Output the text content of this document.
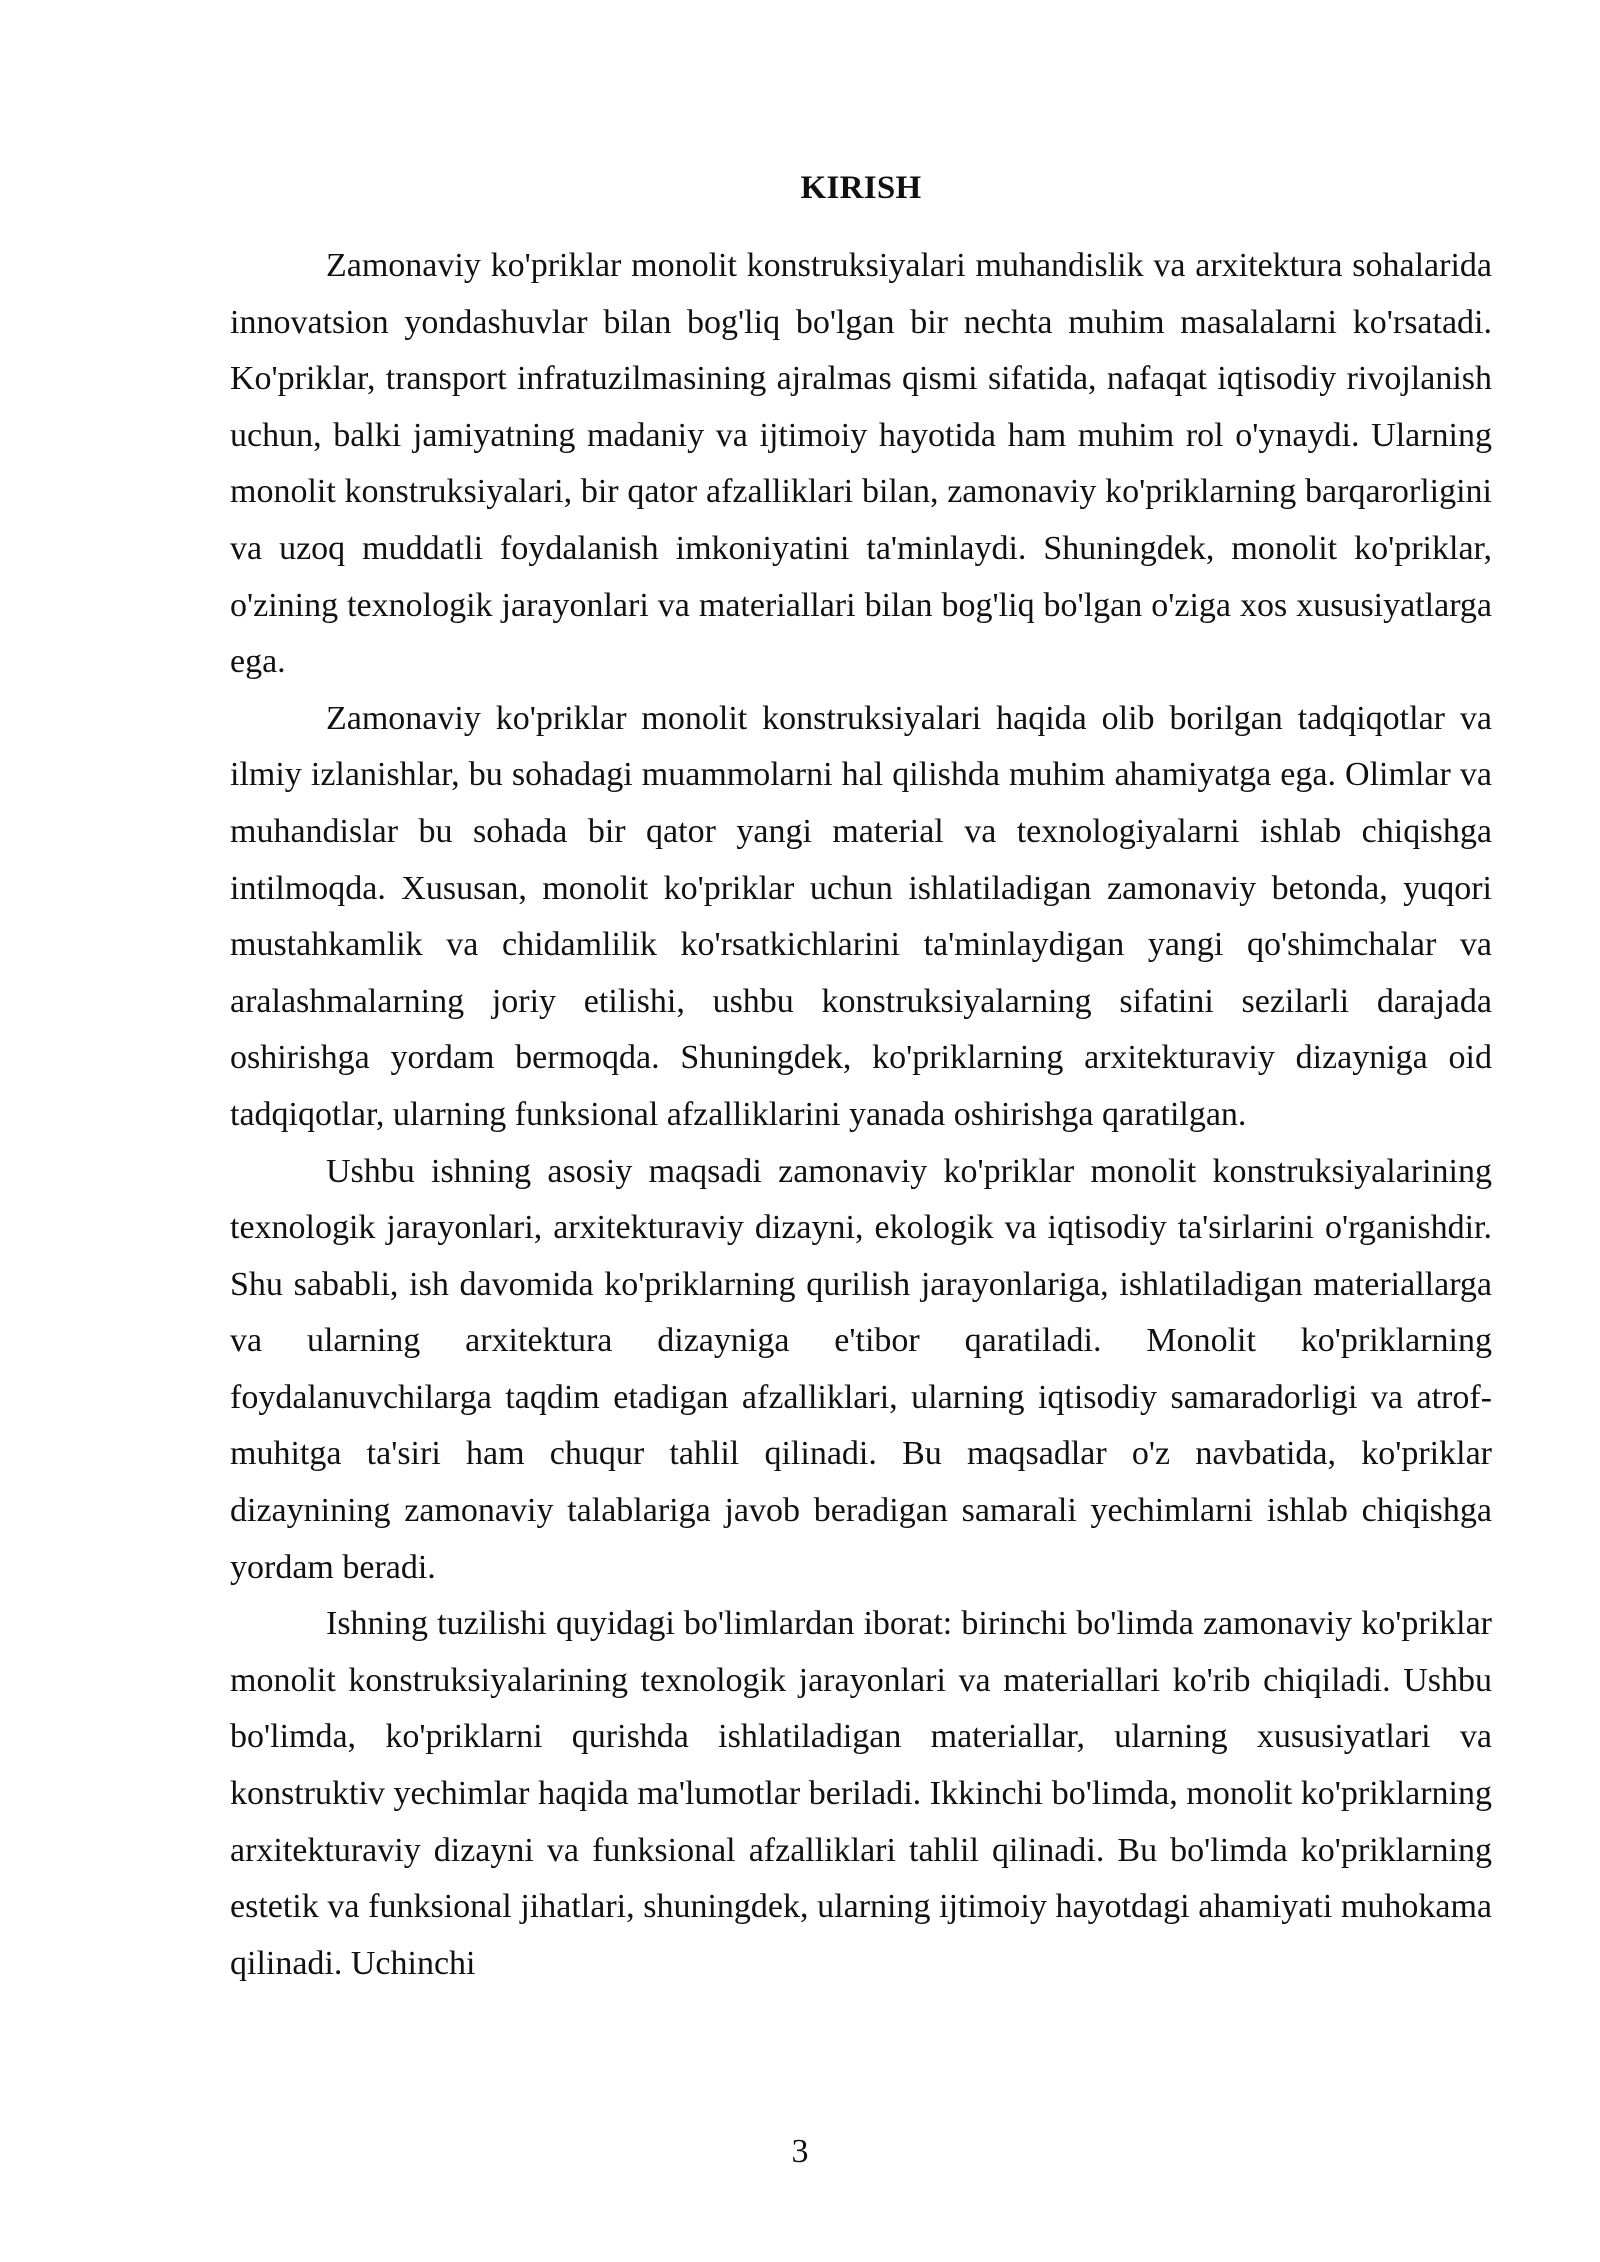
KIRISH

Zamonaviy ko'priklar monolit konstruksiyalari muhandislik va arxitektura sohalarida innovatsion yondashuvlar bilan bog'liq bo'lgan bir nechta muhim masalalarni ko'rsatadi. Ko'priklar, transport infratuzilmasining ajralmas qismi sifatida, nafaqat iqtisodiy rivojlanish uchun, balki jamiyatning madaniy va ijtimoiy hayotida ham muhim rol o'ynaydi. Ularning monolit konstruksiyalari, bir qator afzalliklari bilan, zamonaviy ko'priklarning barqarorligini va uzoq muddatli foydalanish imkoniyatini ta'minlaydi. Shuningdek, monolit ko'priklar, o'zining texnologik jarayonlari va materiallari bilan bog'liq bo'lgan o'ziga xos xususiyatlarga ega.

Zamonaviy ko'priklar monolit konstruksiyalari haqida olib borilgan tadqiqotlar va ilmiy izlanishlar, bu sohadagi muammolarni hal qilishda muhim ahamiyatga ega. Olimlar va muhandislar bu sohada bir qator yangi material va texnologiyalarni ishlab chiqishga intilmoqda. Xususan, monolit ko'priklar uchun ishlatiladigan zamonaviy betonda, yuqori mustahkamlik va chidamlilik ko'rsatkichlarini ta'minlaydigan yangi qo'shimchalar va aralashmalarning joriy etilishi, ushbu konstruksiyalarning sifatini sezilarli darajada oshirishga yordam bermoqda. Shuningdek, ko'priklarning arxitekturaviy dizayniga oid tadqiqotlar, ularning funksional afzalliklarini yanada oshirishga qaratilgan.

Ushbu ishning asosiy maqsadi zamonaviy ko'priklar monolit konstruksiyalarining texnologik jarayonlari, arxitekturaviy dizayni, ekologik va iqtisodiy ta'sirlarini o'rganishdir. Shu sababli, ish davomida ko'priklarning qurilish jarayonlariga, ishlatiladigan materiallarga va ularning arxitektura dizayniga e'tibor qaratiladi. Monolit ko'priklarning foydalanuvchilarga taqdim etadigan afzalliklari, ularning iqtisodiy samaradorligi va atrof-muhitga ta'siri ham chuqur tahlil qilinadi. Bu maqsadlar o'z navbatida, ko'priklar dizaynining zamonaviy talablariga javob beradigan samarali yechimlarni ishlab chiqishga yordam beradi.

Ishning tuzilishi quyidagi bo'limlardan iborat: birinchi bo'limda zamonaviy ko'priklar monolit konstruksiyalarining texnologik jarayonlari va materiallari ko'rib chiqiladi. Ushbu bo'limda, ko'priklarni qurishda ishlatiladigan materiallar, ularning xususiyatlari va konstruktiv yechimlar haqida ma'lumotlar beriladi. Ikkinchi bo'limda, monolit ko'priklarning arxitekturaviy dizayni va funksional afzalliklari tahlil qilinadi. Bu bo'limda ko'priklarning estetik va funksional jihatlari, shuningdek, ularning ijtimoiy hayotdagi ahamiyati muhokama qilinadi. Uchinchi

3
